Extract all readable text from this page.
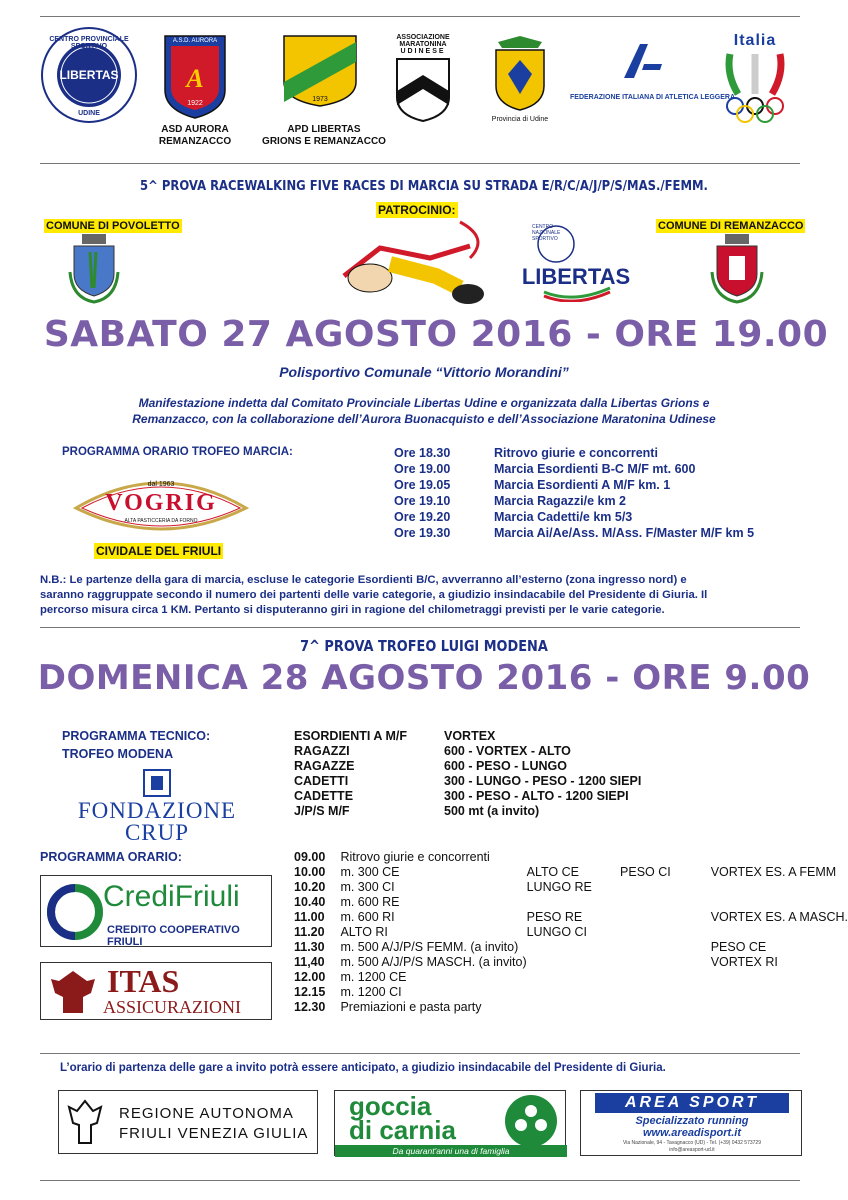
CENTRO PROVINCIALE SPORTIVO
LIBERTAS
UDINE
A.S.D. AURORA
A
1922
ASD AURORA
REMANZACCO
1973
APD LIBERTAS
GRIONS E REMANZACCO
ASSOCIAZIONE
MARATONINA
UDINESE
Provincia di Udine
FEDERAZIONE ITALIANA DI ATLETICA LEGGERA
Italia
5^ PROVA RACEWALKING FIVE RACES DI MARCIA SU STRADA E/R/C/A/J/P/S/MAS./FEMM.
PATROCINIO:
COMUNE DI POVOLETTO	COMUNE DI REMANZACCO
CENTRO NAZIONALE SPORTIVO
LIBERTAS
SABATO 27 AGOSTO 2016 - ORE 19.00
Polisportivo Comunale “Vittorio Morandini”
Manifestazione indetta dal Comitato Provinciale Libertas Udine e organizzata dalla Libertas Grions e
Remanzacco, con la collaborazione dell’Aurora Buonacquisto e dell’Associazione Maratonina Udinese
PROGRAMMA ORARIO TROFEO MARCIA:	Ore 18.30	Ritrovo giurie e concorrenti
Ore 19.00	Marcia Esordienti B-C M/F mt. 600
Ore 19.05	Marcia Esordienti A M/F km. 1
Ore 19.10	Marcia Ragazzi/e km 2
Ore 19.20	Marcia Cadetti/e km 5/3
Ore 19.30	Marcia Ai/Ae/Ass. M/Ass. F/Master M/F km 5
dal 1963
VOGRIG
ALTA PASTICCERIA DA FORNO
CIVIDALE DEL FRIULI
N.B.: Le partenze della gara di marcia, escluse le categorie Esordienti B/C, avverranno all’esterno (zona ingresso nord) e
saranno raggruppate secondo il numero dei partenti delle varie categorie, a giudizio insindacabile del Presidente di Giuria. Il
percorso misura circa 1 KM. Pertanto si disputeranno giri in ragione del chilometraggi previsti per le varie categorie.
7^ PROVA TROFEO LUIGI MODENA
DOMENICA 28 AGOSTO 2016 - ORE 9.00
PROGRAMMA TECNICO:
TROFEO MODENA
FONDAZIONE
CRUP
ESORDIENTI A M/F	VORTEX
RAGAZZI	600 - VORTEX - ALTO
RAGAZZE	600 - PESO - LUNGO
CADETTI	300 - LUNGO - PESO - 1200 SIEPI
CADETTE	300 - PESO - ALTO - 1200 SIEPI
J/P/S M/F	500 mt (a invito)
PROGRAMMA ORARIO:	09.00	Ritrovo giurie e concorrenti			
10.00	m. 300 CE	ALTO CE	PESO CI	VORTEX ES. A FEMM
10.20	m. 300 CI	LUNGO RE		
10.40	m. 600 RE			
11.00	m. 600 RI	PESO RE		VORTEX ES. A MASCH.
11.20	ALTO RI	LUNGO CI		
11.30	m. 500 A/J/P/S FEMM. (a invito)			PESO CE
11,40	m. 500 A/J/P/S MASCH. (a invito)			VORTEX RI
12.00	m. 1200 CE			
12.15	m. 1200 CI			
12.30	Premiazioni e pasta party			
CrediFriuli
CREDITO COOPERATIVO FRIULI
ITAS
ASSICURAZIONI
L’orario di partenza delle gare a invito potrà essere anticipato, a giudizio insindacabile del Presidente di Giuria.
REGIONE AUTONOMA
FRIULI VENEZIA GIULIA
goccia
di carnia
Da quarant'anni una di famiglia
AREA SPORT
Specializzato running
www.areadisport.it
Via Nazionale, 94 - Tavagnacco (UD) - Tel. (+39) 0432 573729
info@areasport-ud.it
